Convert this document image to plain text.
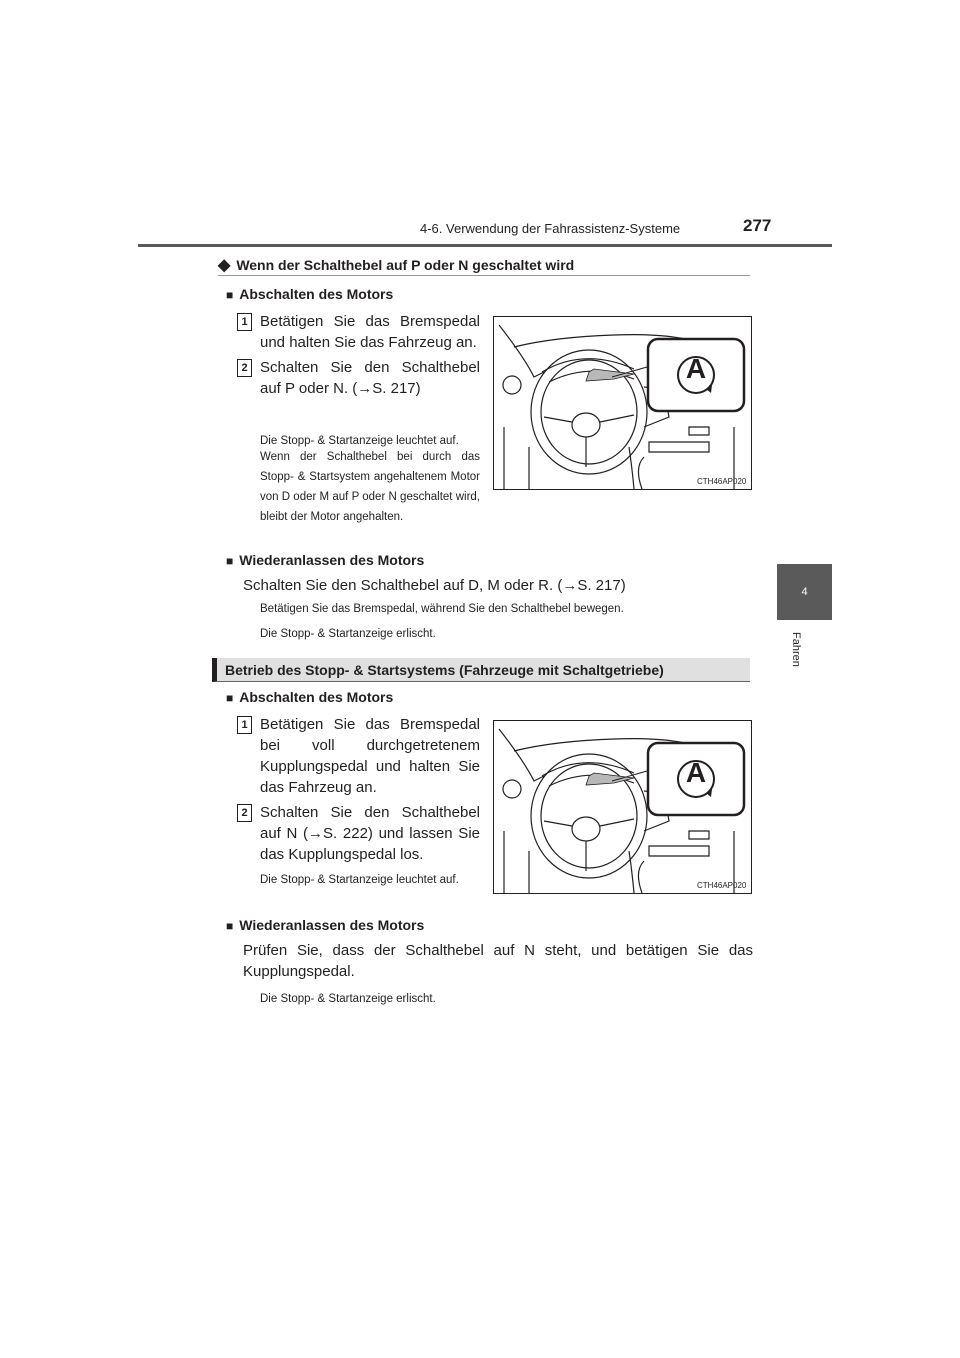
4-6. Verwendung der Fahrassistenz-Systeme	277
4
Fahren
◆ Wenn der Schalthebel auf P oder N geschaltet wird
■ Abschalten des Motors
1 Betätigen Sie das Bremspedal und halten Sie das Fahrzeug an.
2 Schalten Sie den Schalthebel auf P oder N. (→S. 217)
Die Stopp- & Startanzeige leuchtet auf.
Wenn der Schalthebel bei durch das Stopp- & Startsystem angehaltenem Motor von D oder M auf P oder N geschaltet wird, bleibt der Motor angehalten.
A
CTH46AP020
■ Wiederanlassen des Motors
Schalten Sie den Schalthebel auf D, M oder R. (→S. 217)
Betätigen Sie das Bremspedal, während Sie den Schalthebel bewegen.
Die Stopp- & Startanzeige erlischt.
Betrieb des Stopp- & Startsystems (Fahrzeuge mit Schaltgetriebe)
■ Abschalten des Motors
1 Betätigen Sie das Bremspedal bei voll durchgetretenem Kupplungspedal und halten Sie das Fahrzeug an.
2 Schalten Sie den Schalthebel auf N (→S. 222) und lassen Sie das Kupplungspedal los.
Die Stopp- & Startanzeige leuchtet auf.
A
CTH46AP020
■ Wiederanlassen des Motors
Prüfen Sie, dass der Schalthebel auf N steht, und betätigen Sie das Kupplungspedal.
Die Stopp- & Startanzeige erlischt.
